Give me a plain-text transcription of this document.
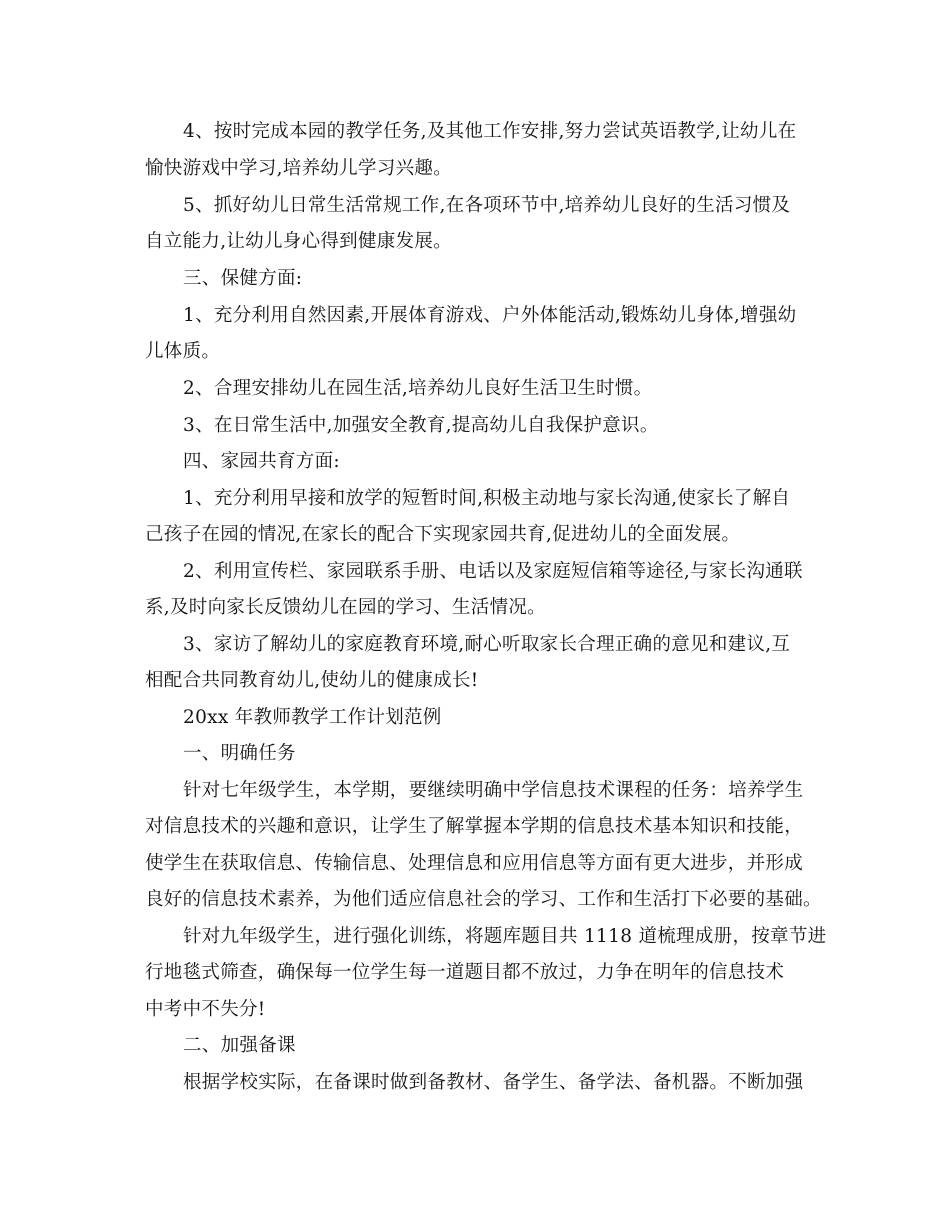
4、按时完成本园的教学任务,及其他工作安排,努力尝试英语教学,让幼儿在
愉快游戏中学习,培养幼儿学习兴趣。
5、抓好幼儿日常生活常规工作,在各项环节中,培养幼儿良好的生活习惯及
自立能力,让幼儿身心得到健康发展。
三、保健方面:
1、充分利用自然因素,开展体育游戏、户外体能活动,锻炼幼儿身体,增强幼
儿体质。
2、合理安排幼儿在园生活,培养幼儿良好生活卫生时惯。
3、在日常生活中,加强安全教育,提高幼儿自我保护意识。
四、家园共育方面:
1、充分利用早接和放学的短暂时间,积极主动地与家长沟通,使家长了解自
己孩子在园的情况,在家长的配合下实现家园共育,促进幼儿的全面发展。
2、利用宣传栏、家园联系手册、电话以及家庭短信箱等途径,与家长沟通联
系,及时向家长反馈幼儿在园的学习、生活情况。
3、家访了解幼儿的家庭教育环境,耐心听取家长合理正确的意见和建议,互
相配合共同教育幼儿,使幼儿的健康成长!
20xx 年教师教学工作计划范例
一、明确任务
针对七年级学生，本学期，要继续明确中学信息技术课程的任务：培养学生
对信息技术的兴趣和意识，让学生了解掌握本学期的信息技术基本知识和技能，
使学生在获取信息、传输信息、处理信息和应用信息等方面有更大进步，并形成
良好的信息技术素养，为他们适应信息社会的学习、工作和生活打下必要的基础。
针对九年级学生，进行强化训练，将题库题目共 1118 道梳理成册，按章节进
行地毯式筛查，确保每一位学生每一道题目都不放过，力争在明年的信息技术
中考中不失分!
二、加强备课
根据学校实际，在备课时做到备教材、备学生、备学法、备机器。不断加强
